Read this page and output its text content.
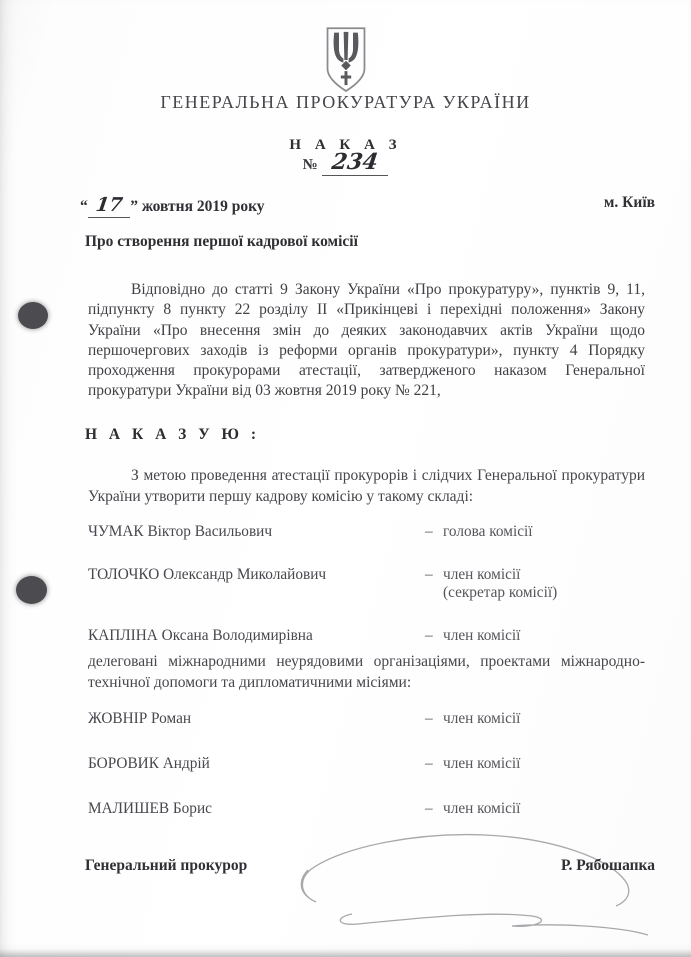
ГЕНЕРАЛЬНА ПРОКУРАТУРА УКРАЇНИ
Н А К А З
№ 234
“ 17 ” жовтня 2019 року	м. Київ
Про створення першої кадрової комісії
Відповідно до статті 9 Закону України «Про прокуратуру», пунктів 9, 11, підпункту 8 пункту 22 розділу II «Прикінцеві і перехідні положення» Закону України «Про внесення змін до деяких законодавчих актів України щодо першочергових заходів із реформи органів прокуратури», пункту 4 Порядку проходження прокурорами атестації, затвердженого наказом Генеральної прокуратури України від 03 жовтня 2019 року № 221,
Н А К А З У Ю :
З метою проведення атестації прокурорів і слідчих Генеральної прокуратури України утворити першу кадрову комісію у такому складі:
ЧУМАК Віктор Васильович	– голова комісії
ТОЛОЧКО Олександр Миколайович	– член комісії
(секретар комісії)
КАПЛІНА Оксана Володимирівна	– член комісії
делеговані міжнародними неурядовими організаціями, проектами міжнародно-технічної допомоги та дипломатичними місіями:
ЖОВНІР Роман	– член комісії
БОРОВИК Андрій	– член комісії
МАЛИШЕВ Борис	– член комісії
Генеральний прокурор	Р. Рябошапка
